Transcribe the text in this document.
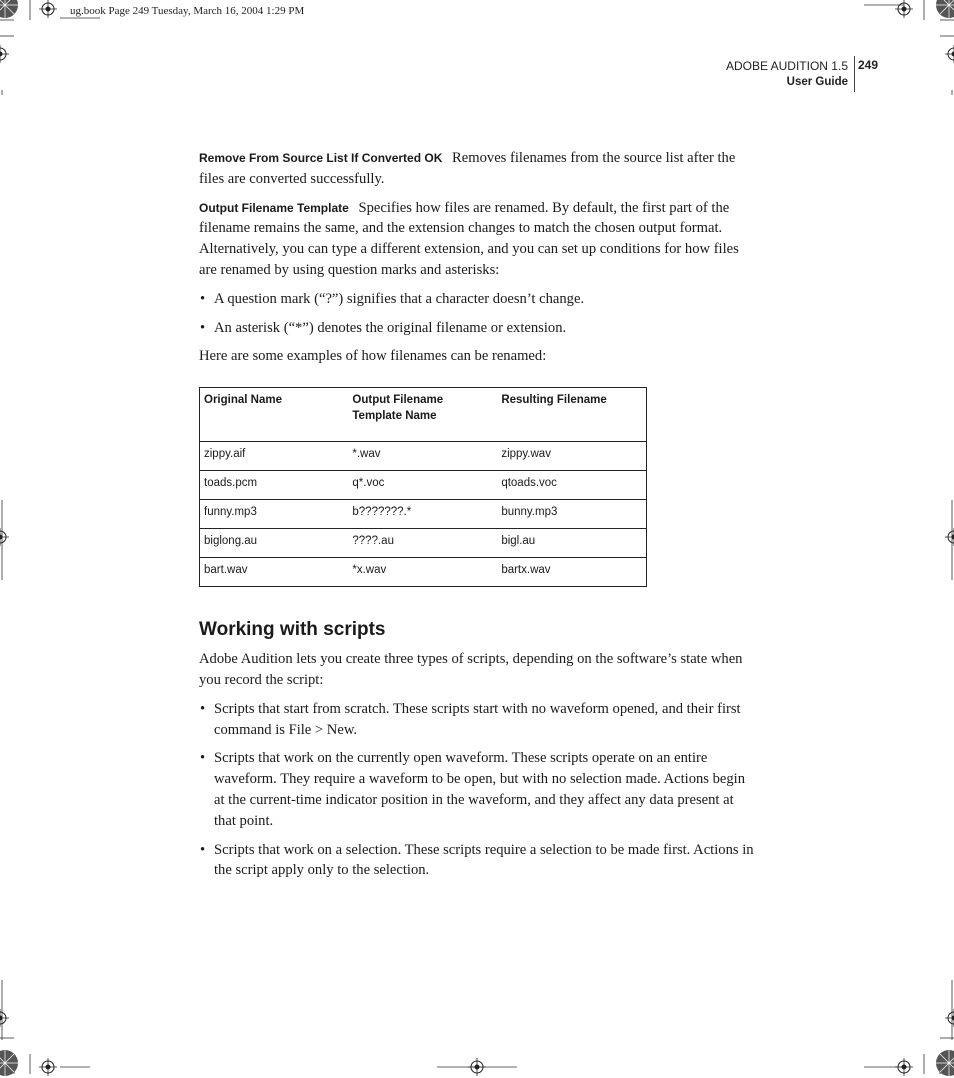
ug.book Page 249 Tuesday, March 16, 2004 1:29 PM
ADOBE AUDITION 1.5
User Guide
249

Remove From Source List If Converted OK Removes filenames from the source list after the files are converted successfully.

Output Filename Template Specifies how files are renamed. By default, the first part of the filename remains the same, and the extension changes to match the chosen output format. Alternatively, you can type a different extension, and you can set up conditions for how files are renamed by using question marks and asterisks:

• A question mark (“?”) signifies that a character doesn’t change.
• An asterisk (“*”) denotes the original filename or extension.

Here are some examples of how filenames can be renamed:

Original Name	Output Filename Template Name	Resulting Filename
zippy.aif	*.wav	zippy.wav
toads.pcm	q*.voc	qtoads.voc
funny.mp3	b???????.*	bunny.mp3
biglong.au	????.au	bigl.au
bart.wav	*x.wav	bartx.wav
Working with scripts

Adobe Audition lets you create three types of scripts, depending on the software’s state when you record the script:

• Scripts that start from scratch. These scripts start with no waveform opened, and their first command is File > New.
• Scripts that work on the currently open waveform. These scripts operate on an entire waveform. They require a waveform to be open, but with no selection made. Actions begin at the current-time indicator position in the waveform, and they affect any data present at that point.
• Scripts that work on a selection. These scripts require a selection to be made first. Actions in the script apply only to the selection.
